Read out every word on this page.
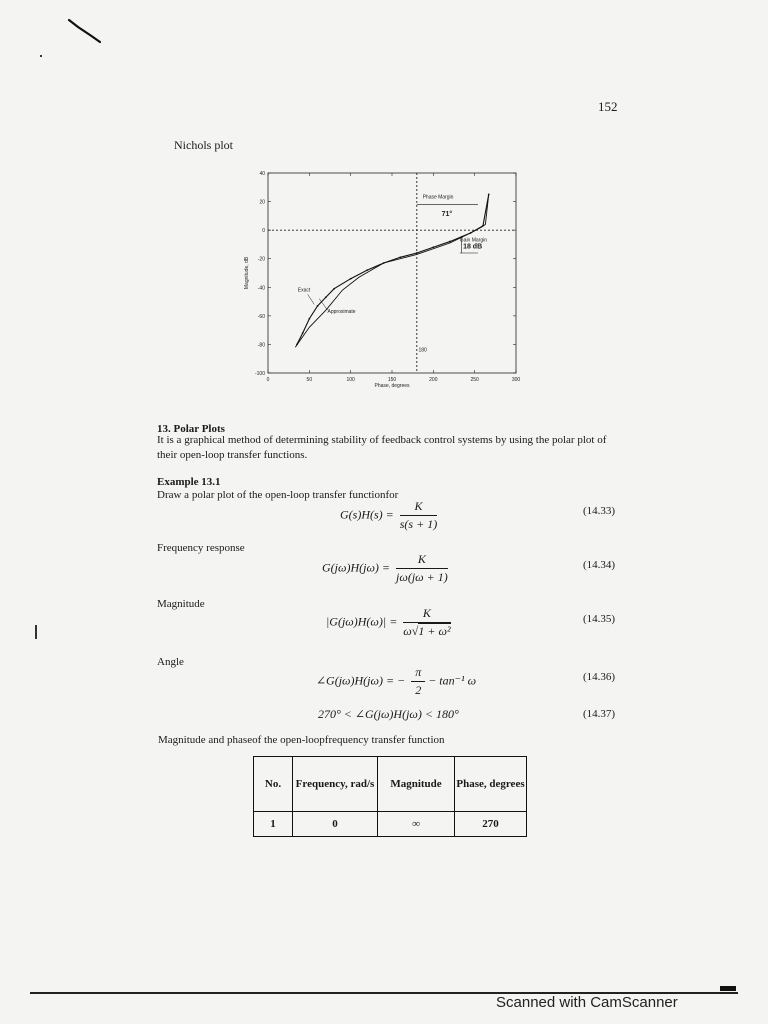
152
Nichols plot
40
20
0
-20
-40
-60
-80
-100
Magnitude, dB
0	50	100	150	200	250	300
Phase, degrees
Phase Margin
71°
Gain Margin
18 dB
Exact
Approximate
180
13. Polar Plots
It is a graphical method of determining stability of feedback control systems by using the polar plot of their open-loop transfer functions.
Example 13.1
Draw a polar plot of the open-loop transfer functionfor
$G(s)H(s) = \frac{K}{s(s + 1)}$	(14.33)
Frequency response
$G(j\omega)H(j\omega) = \frac{K}{j\omega(j\omega + 1)}$	(14.34)
Magnitude
$|G(j\omega)H(\omega)| = \frac{K}{\text{ω√1 + ω²}}$	(14.35)
Angle
∠G(jω)H(jω) = − $\frac{\pi}{2} - \tan^{-1}$ ω	(14.36)
270° < ∠G(jω)H(jω) < 180°	(14.37)
Magnitude and phaseof the open-loopfrequency transfer function
No.	Frequency, rad/s	Magnitude	Phase, degrees
1	0	∞	270
Scanned with CamScanner
